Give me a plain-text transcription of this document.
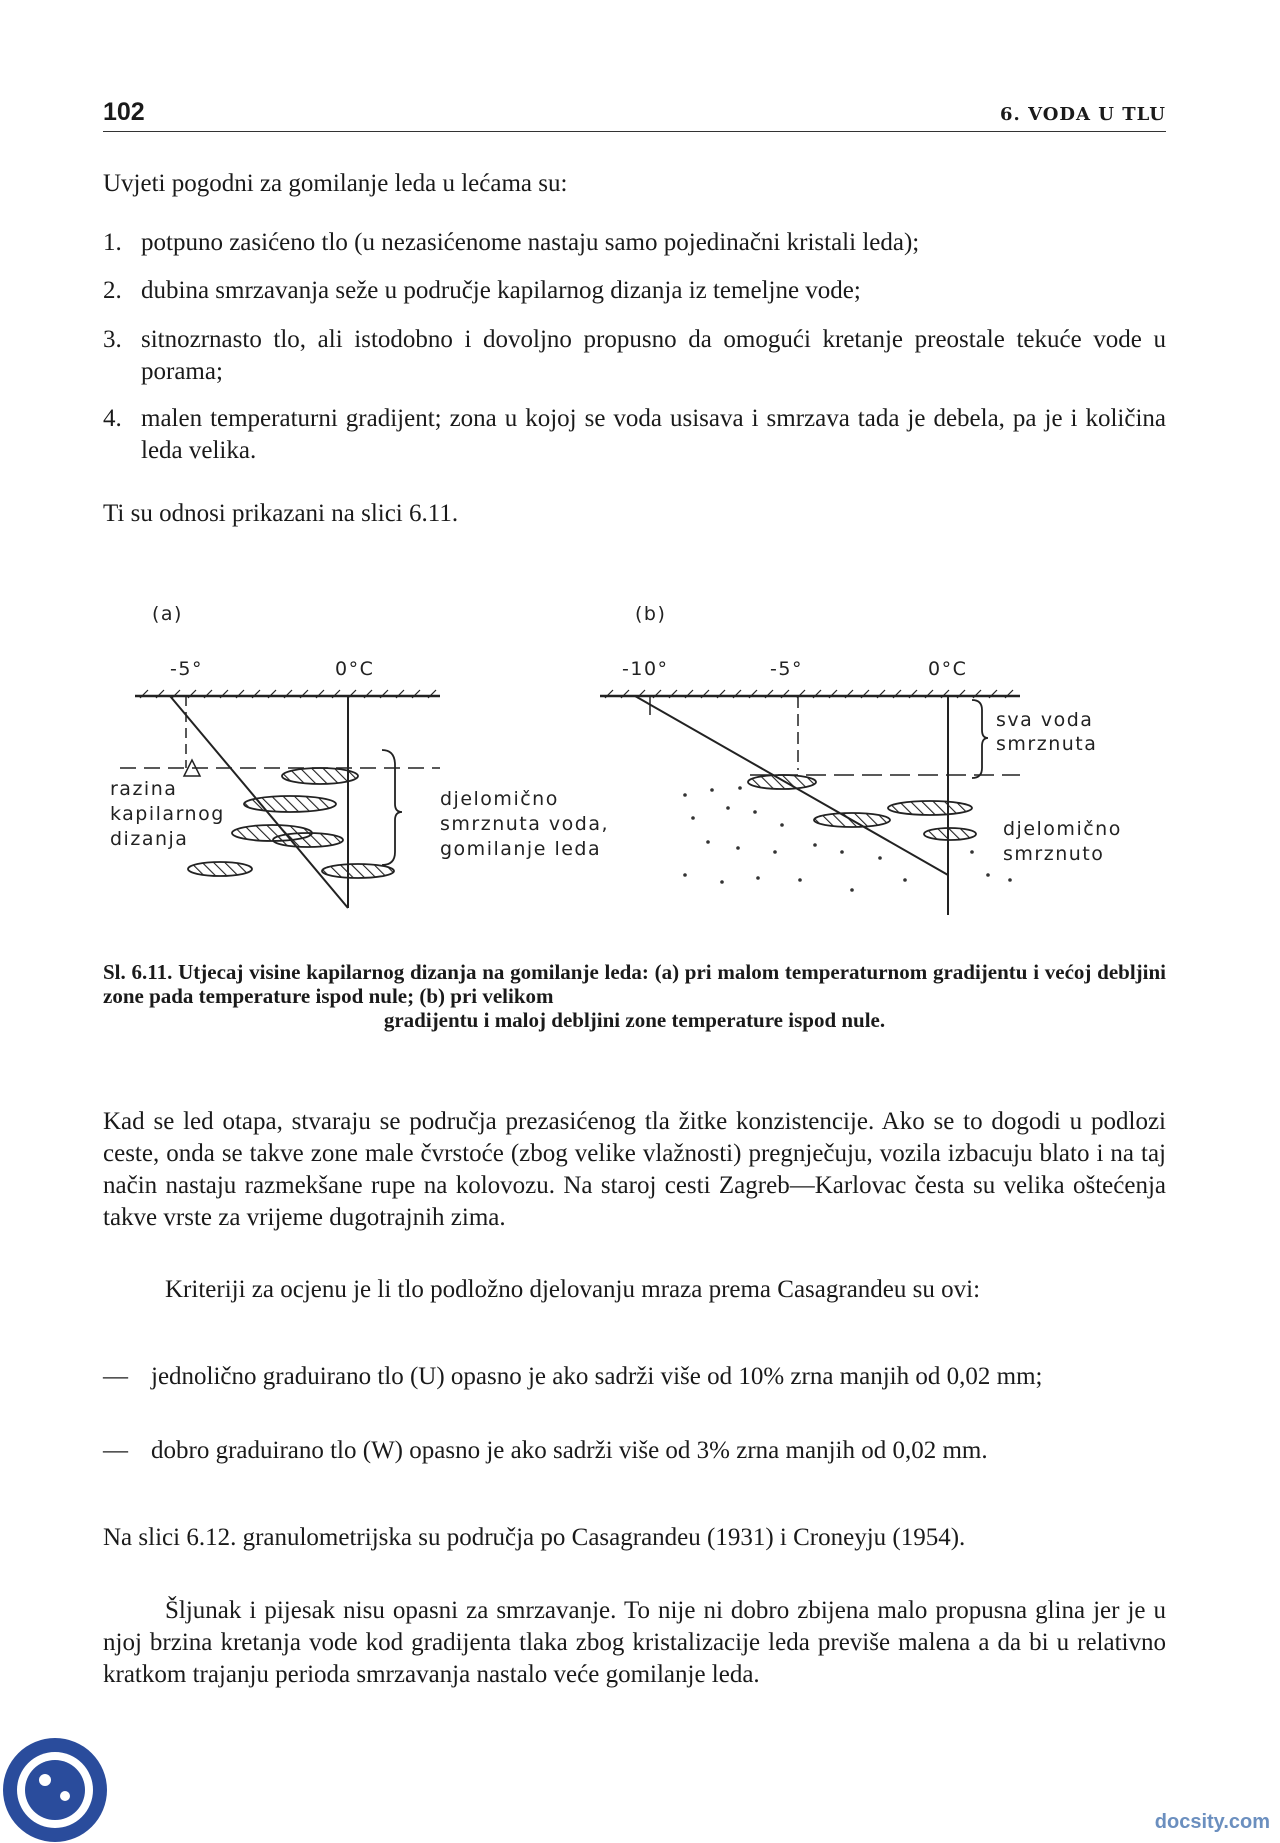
102	6. VODA U TLU
Uvjeti pogodni za gomilanje leda u lećama su:
1. potpuno zasićeno tlo (u nezasićenome nastaju samo pojedinačni kristali leda);
2. dubina smrzavanja seže u područje kapilarnog dizanja iz temeljne vode;
3. sitnozrnasto tlo, ali istodobno i dovoljno propusno da omogući kretanje preostale tekuće vode u porama;
4. malen temperaturni gradijent; zona u kojoj se voda usisava i smrzava tada je debela, pa je i količina leda velika.
Ti su odnosi prikazani na slici 6.11.
(a)
-5°	0°C
razina
kapilarnog
dizanja
djelomično
smrznuta voda,
gomilanje leda
(b)
-10°	-5°	0°C
sva voda
smrznuta
djelomično
smrznuto
Sl. 6.11. Utjecaj visine kapilarnog dizanja na gomilanje leda: (a) pri malom temperaturnom gradijentu i većoj debljini zone pada temperature ispod nule; (b) pri velikom
gradijentu i maloj debljini zone temperature ispod nule.
Kad se led otapa, stvaraju se područja prezasićenog tla žitke konzistencije. Ako se to dogodi u podlozi ceste, onda se takve zone male čvrstoće (zbog velike vlažnosti) pregnječuju, vozila izbacuju blato i na taj način nastaju razmekšane rupe na kolovozu. Na staroj cesti Zagreb—Karlovac česta su velika oštećenja takve vrste za vrijeme dugotrajnih zima.
Kriteriji za ocjenu je li tlo podložno djelovanju mraza prema Casagrandeu su ovi:
— jednolično graduirano tlo (U) opasno je ako sadrži više od 10% zrna manjih od 0,02 mm;
— dobro graduirano tlo (W) opasno je ako sadrži više od 3% zrna manjih od 0,02 mm.
Na slici 6.12. granulometrijska su područja po Casagrandeu (1931) i Croneyju (1954).
Šljunak i pijesak nisu opasni za smrzavanje. To nije ni dobro zbijena malo propusna glina jer je u njoj brzina kretanja vode kod gradijenta tlaka zbog kristalizacije leda previše malena a da bi u relativno kratkom trajanju perioda smrzavanja nastalo veće gomilanje leda.
docsity.com
